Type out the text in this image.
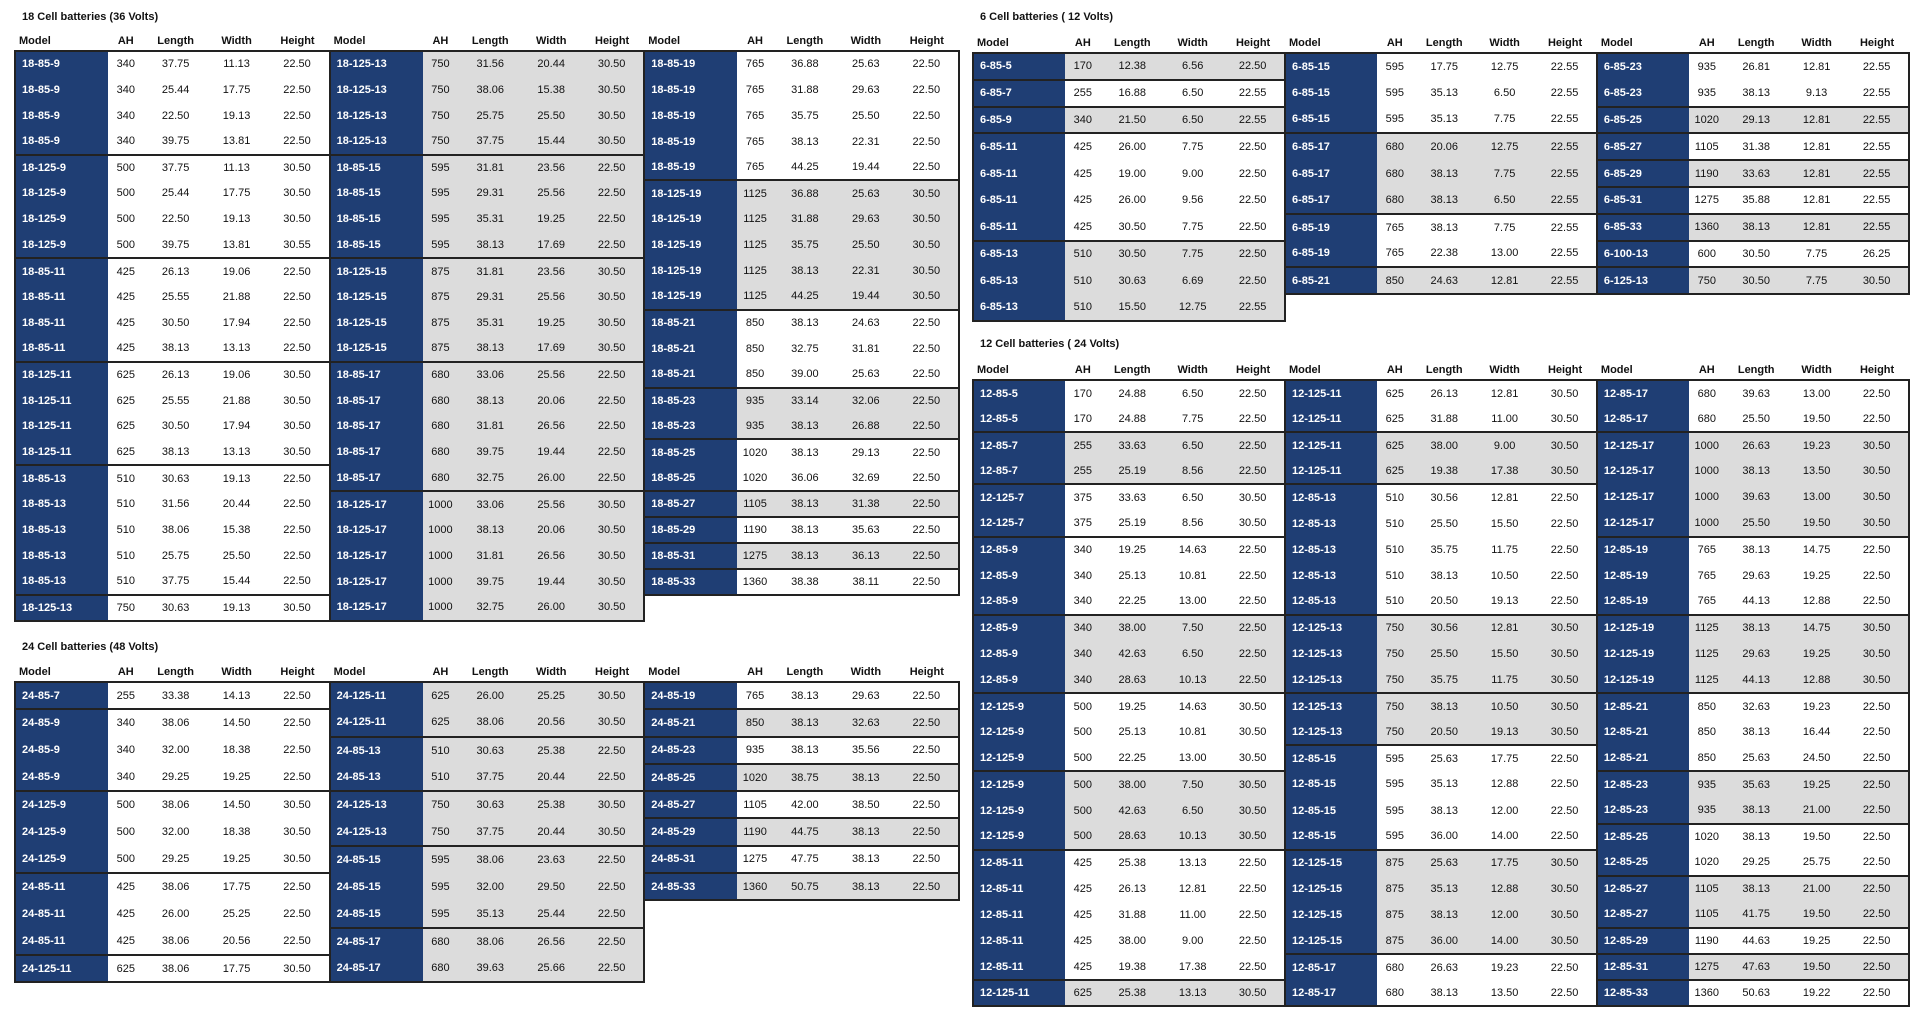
18 Cell batteries (36 Volts)
24 Cell batteries (48 Volts)
6 Cell batteries ( 12 Volts)
12 Cell batteries ( 24 Volts)
Model	AH	Length	Width	Height	Model	AH	Length	Width	Height	Model	AH	Length	Width	Height
18-85-9	340	37.75	11.13	22.50	18-125-13	750	31.56	20.44	30.50	18-85-19	765	36.88	25.63	22.50
18-85-9	340	25.44	17.75	22.50	18-125-13	750	38.06	15.38	30.50	18-85-19	765	31.88	29.63	22.50
18-85-9	340	22.50	19.13	22.50	18-125-13	750	25.75	25.50	30.50	18-85-19	765	35.75	25.50	22.50
18-85-9	340	39.75	13.81	22.50	18-125-13	750	37.75	15.44	30.50	18-85-19	765	38.13	22.31	22.50
18-125-9	500	37.75	11.13	30.50	18-85-15	595	31.81	23.56	22.50	18-85-19	765	44.25	19.44	22.50
18-125-9	500	25.44	17.75	30.50	18-85-15	595	29.31	25.56	22.50	18-125-19	1125	36.88	25.63	30.50
18-125-9	500	22.50	19.13	30.50	18-85-15	595	35.31	19.25	22.50	18-125-19	1125	31.88	29.63	30.50
18-125-9	500	39.75	13.81	30.55	18-85-15	595	38.13	17.69	22.50	18-125-19	1125	35.75	25.50	30.50
18-85-11	425	26.13	19.06	22.50	18-125-15	875	31.81	23.56	30.50	18-125-19	1125	38.13	22.31	30.50
18-85-11	425	25.55	21.88	22.50	18-125-15	875	29.31	25.56	30.50	18-125-19	1125	44.25	19.44	30.50
18-85-11	425	30.50	17.94	22.50	18-125-15	875	35.31	19.25	30.50	18-85-21	850	38.13	24.63	22.50
18-85-11	425	38.13	13.13	22.50	18-125-15	875	38.13	17.69	30.50	18-85-21	850	32.75	31.81	22.50
18-125-11	625	26.13	19.06	30.50	18-85-17	680	33.06	25.56	22.50	18-85-21	850	39.00	25.63	22.50
18-125-11	625	25.55	21.88	30.50	18-85-17	680	38.13	20.06	22.50	18-85-23	935	33.14	32.06	22.50
18-125-11	625	30.50	17.94	30.50	18-85-17	680	31.81	26.56	22.50	18-85-23	935	38.13	26.88	22.50
18-125-11	625	38.13	13.13	30.50	18-85-17	680	39.75	19.44	22.50	18-85-25	1020	38.13	29.13	22.50
18-85-13	510	30.63	19.13	22.50	18-85-17	680	32.75	26.00	22.50	18-85-25	1020	36.06	32.69	22.50
18-85-13	510	31.56	20.44	22.50	18-125-17	1000	33.06	25.56	30.50	18-85-27	1105	38.13	31.38	22.50
18-85-13	510	38.06	15.38	22.50	18-125-17	1000	38.13	20.06	30.50	18-85-29	1190	38.13	35.63	22.50
18-85-13	510	25.75	25.50	22.50	18-125-17	1000	31.81	26.56	30.50	18-85-31	1275	38.13	36.13	22.50
18-85-13	510	37.75	15.44	22.50	18-125-17	1000	39.75	19.44	30.50	18-85-33	1360	38.38	38.11	22.50
18-125-13	750	30.63	19.13	30.50	18-125-17	1000	32.75	26.00	30.50					
Model	AH	Length	Width	Height	Model	AH	Length	Width	Height	Model	AH	Length	Width	Height
24-85-7	255	33.38	14.13	22.50	24-125-11	625	26.00	25.25	30.50	24-85-19	765	38.13	29.63	22.50
24-85-9	340	38.06	14.50	22.50	24-125-11	625	38.06	20.56	30.50	24-85-21	850	38.13	32.63	22.50
24-85-9	340	32.00	18.38	22.50	24-85-13	510	30.63	25.38	22.50	24-85-23	935	38.13	35.56	22.50
24-85-9	340	29.25	19.25	22.50	24-85-13	510	37.75	20.44	22.50	24-85-25	1020	38.75	38.13	22.50
24-125-9	500	38.06	14.50	30.50	24-125-13	750	30.63	25.38	30.50	24-85-27	1105	42.00	38.50	22.50
24-125-9	500	32.00	18.38	30.50	24-125-13	750	37.75	20.44	30.50	24-85-29	1190	44.75	38.13	22.50
24-125-9	500	29.25	19.25	30.50	24-85-15	595	38.06	23.63	22.50	24-85-31	1275	47.75	38.13	22.50
24-85-11	425	38.06	17.75	22.50	24-85-15	595	32.00	29.50	22.50	24-85-33	1360	50.75	38.13	22.50
24-85-11	425	26.00	25.25	22.50	24-85-15	595	35.13	25.44	22.50					
24-85-11	425	38.06	20.56	22.50	24-85-17	680	38.06	26.56	22.50					
24-125-11	625	38.06	17.75	30.50	24-85-17	680	39.63	25.66	22.50					
Model	AH	Length	Width	Height	Model	AH	Length	Width	Height	Model	AH	Length	Width	Height
6-85-5	170	12.38	6.56	22.50	6-85-15	595	17.75	12.75	22.55	6-85-23	935	26.81	12.81	22.55
6-85-7	255	16.88	6.50	22.55	6-85-15	595	35.13	6.50	22.55	6-85-23	935	38.13	9.13	22.55
6-85-9	340	21.50	6.50	22.55	6-85-15	595	35.13	7.75	22.55	6-85-25	1020	29.13	12.81	22.55
6-85-11	425	26.00	7.75	22.50	6-85-17	680	20.06	12.75	22.55	6-85-27	1105	31.38	12.81	22.55
6-85-11	425	19.00	9.00	22.50	6-85-17	680	38.13	7.75	22.55	6-85-29	1190	33.63	12.81	22.55
6-85-11	425	26.00	9.56	22.50	6-85-17	680	38.13	6.50	22.55	6-85-31	1275	35.88	12.81	22.55
6-85-11	425	30.50	7.75	22.50	6-85-19	765	38.13	7.75	22.55	6-85-33	1360	38.13	12.81	22.55
6-85-13	510	30.50	7.75	22.50	6-85-19	765	22.38	13.00	22.55	6-100-13	600	30.50	7.75	26.25
6-85-13	510	30.63	6.69	22.50	6-85-21	850	24.63	12.81	22.55	6-125-13	750	30.50	7.75	30.50
6-85-13	510	15.50	12.75	22.55										
Model	AH	Length	Width	Height	Model	AH	Length	Width	Height	Model	AH	Length	Width	Height
12-85-5	170	24.88	6.50	22.50	12-125-11	625	26.13	12.81	30.50	12-85-17	680	39.63	13.00	22.50
12-85-5	170	24.88	7.75	22.50	12-125-11	625	31.88	11.00	30.50	12-85-17	680	25.50	19.50	22.50
12-85-7	255	33.63	6.50	22.50	12-125-11	625	38.00	9.00	30.50	12-125-17	1000	26.63	19.23	30.50
12-85-7	255	25.19	8.56	22.50	12-125-11	625	19.38	17.38	30.50	12-125-17	1000	38.13	13.50	30.50
12-125-7	375	33.63	6.50	30.50	12-85-13	510	30.56	12.81	22.50	12-125-17	1000	39.63	13.00	30.50
12-125-7	375	25.19	8.56	30.50	12-85-13	510	25.50	15.50	22.50	12-125-17	1000	25.50	19.50	30.50
12-85-9	340	19.25	14.63	22.50	12-85-13	510	35.75	11.75	22.50	12-85-19	765	38.13	14.75	22.50
12-85-9	340	25.13	10.81	22.50	12-85-13	510	38.13	10.50	22.50	12-85-19	765	29.63	19.25	22.50
12-85-9	340	22.25	13.00	22.50	12-85-13	510	20.50	19.13	22.50	12-85-19	765	44.13	12.88	22.50
12-85-9	340	38.00	7.50	22.50	12-125-13	750	30.56	12.81	30.50	12-125-19	1125	38.13	14.75	30.50
12-85-9	340	42.63	6.50	22.50	12-125-13	750	25.50	15.50	30.50	12-125-19	1125	29.63	19.25	30.50
12-85-9	340	28.63	10.13	22.50	12-125-13	750	35.75	11.75	30.50	12-125-19	1125	44.13	12.88	30.50
12-125-9	500	19.25	14.63	30.50	12-125-13	750	38.13	10.50	30.50	12-85-21	850	32.63	19.23	22.50
12-125-9	500	25.13	10.81	30.50	12-125-13	750	20.50	19.13	30.50	12-85-21	850	38.13	16.44	22.50
12-125-9	500	22.25	13.00	30.50	12-85-15	595	25.63	17.75	22.50	12-85-21	850	25.63	24.50	22.50
12-125-9	500	38.00	7.50	30.50	12-85-15	595	35.13	12.88	22.50	12-85-23	935	35.63	19.25	22.50
12-125-9	500	42.63	6.50	30.50	12-85-15	595	38.13	12.00	22.50	12-85-23	935	38.13	21.00	22.50
12-125-9	500	28.63	10.13	30.50	12-85-15	595	36.00	14.00	22.50	12-85-25	1020	38.13	19.50	22.50
12-85-11	425	25.38	13.13	22.50	12-125-15	875	25.63	17.75	30.50	12-85-25	1020	29.25	25.75	22.50
12-85-11	425	26.13	12.81	22.50	12-125-15	875	35.13	12.88	30.50	12-85-27	1105	38.13	21.00	22.50
12-85-11	425	31.88	11.00	22.50	12-125-15	875	38.13	12.00	30.50	12-85-27	1105	41.75	19.50	22.50
12-85-11	425	38.00	9.00	22.50	12-125-15	875	36.00	14.00	30.50	12-85-29	1190	44.63	19.25	22.50
12-85-11	425	19.38	17.38	22.50	12-85-17	680	26.63	19.23	22.50	12-85-31	1275	47.63	19.50	22.50
12-125-11	625	25.38	13.13	30.50	12-85-17	680	38.13	13.50	22.50	12-85-33	1360	50.63	19.22	22.50
